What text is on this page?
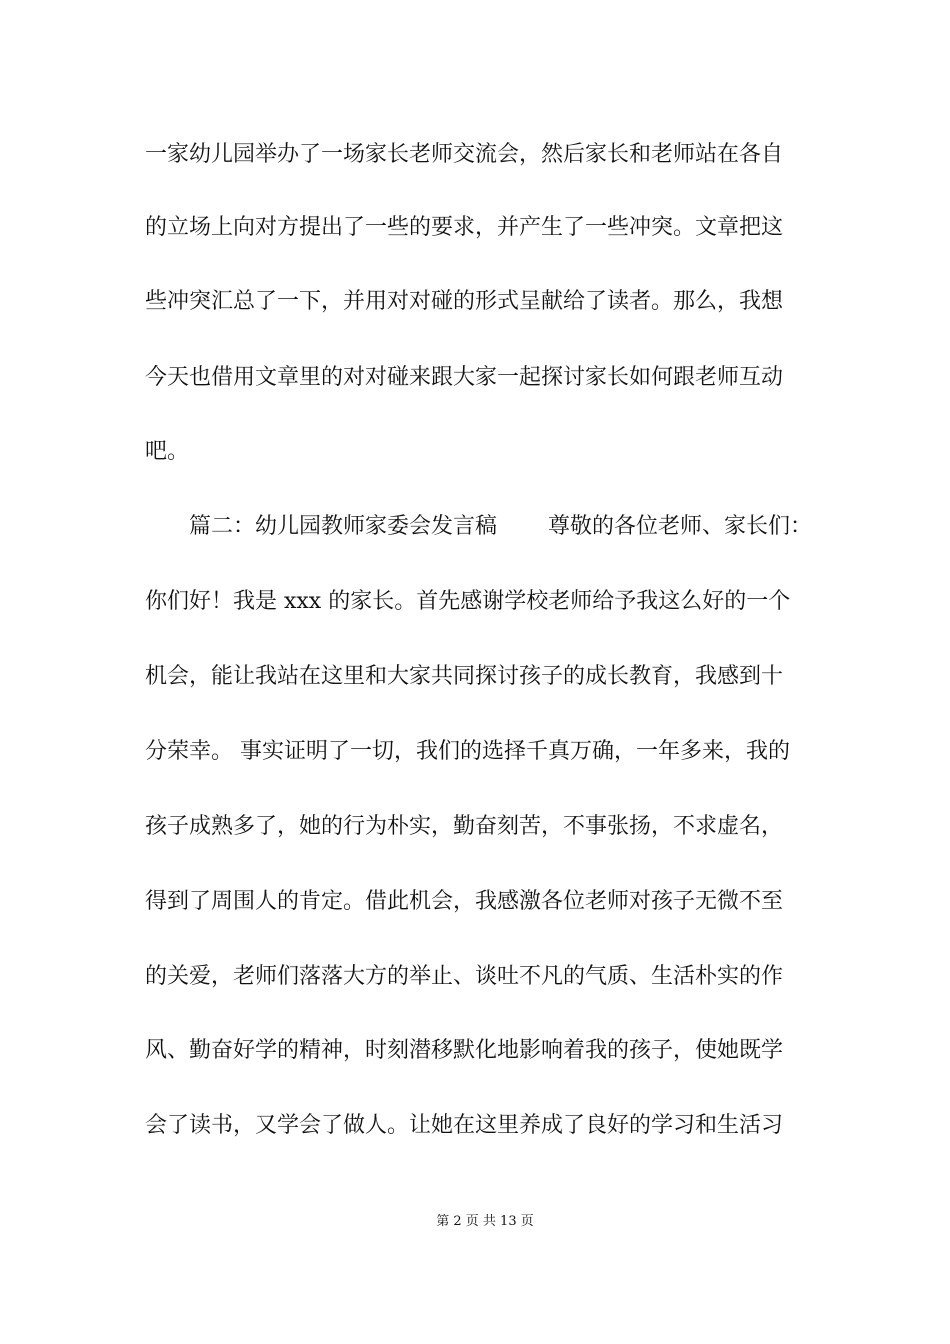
一家幼儿园举办了一场家长老师交流会，然后家长和老师站在各自
的立场上向对方提出了一些的要求，并产生了一些冲突。文章把这
些冲突汇总了一下，并用对对碰的形式呈献给了读者。那么，我想
今天也借用文章里的对对碰来跟大家一起探讨家长如何跟老师互动
吧。
　　篇二：幼儿园教师家委会发言稿　　 尊敬的各位老师、家长们：
你们好！我是 xxx 的家长。首先感谢学校老师给予我这么好的一个
机会，能让我站在这里和大家共同探讨孩子的成长教育，我感到十
分荣幸。 事实证明了一切，我们的选择千真万确，一年多来，我的
孩子成熟多了，她的行为朴实，勤奋刻苦，不事张扬，不求虚名，
得到了周围人的肯定。借此机会，我感激各位老师对孩子无微不至
的关爱，老师们落落大方的举止、谈吐不凡的气质、生活朴实的作
风、勤奋好学的精神，时刻潜移默化地影响着我的孩子，使她既学
会了读书，又学会了做人。让她在这里养成了良好的学习和生活习
第 2 页 共 13 页
